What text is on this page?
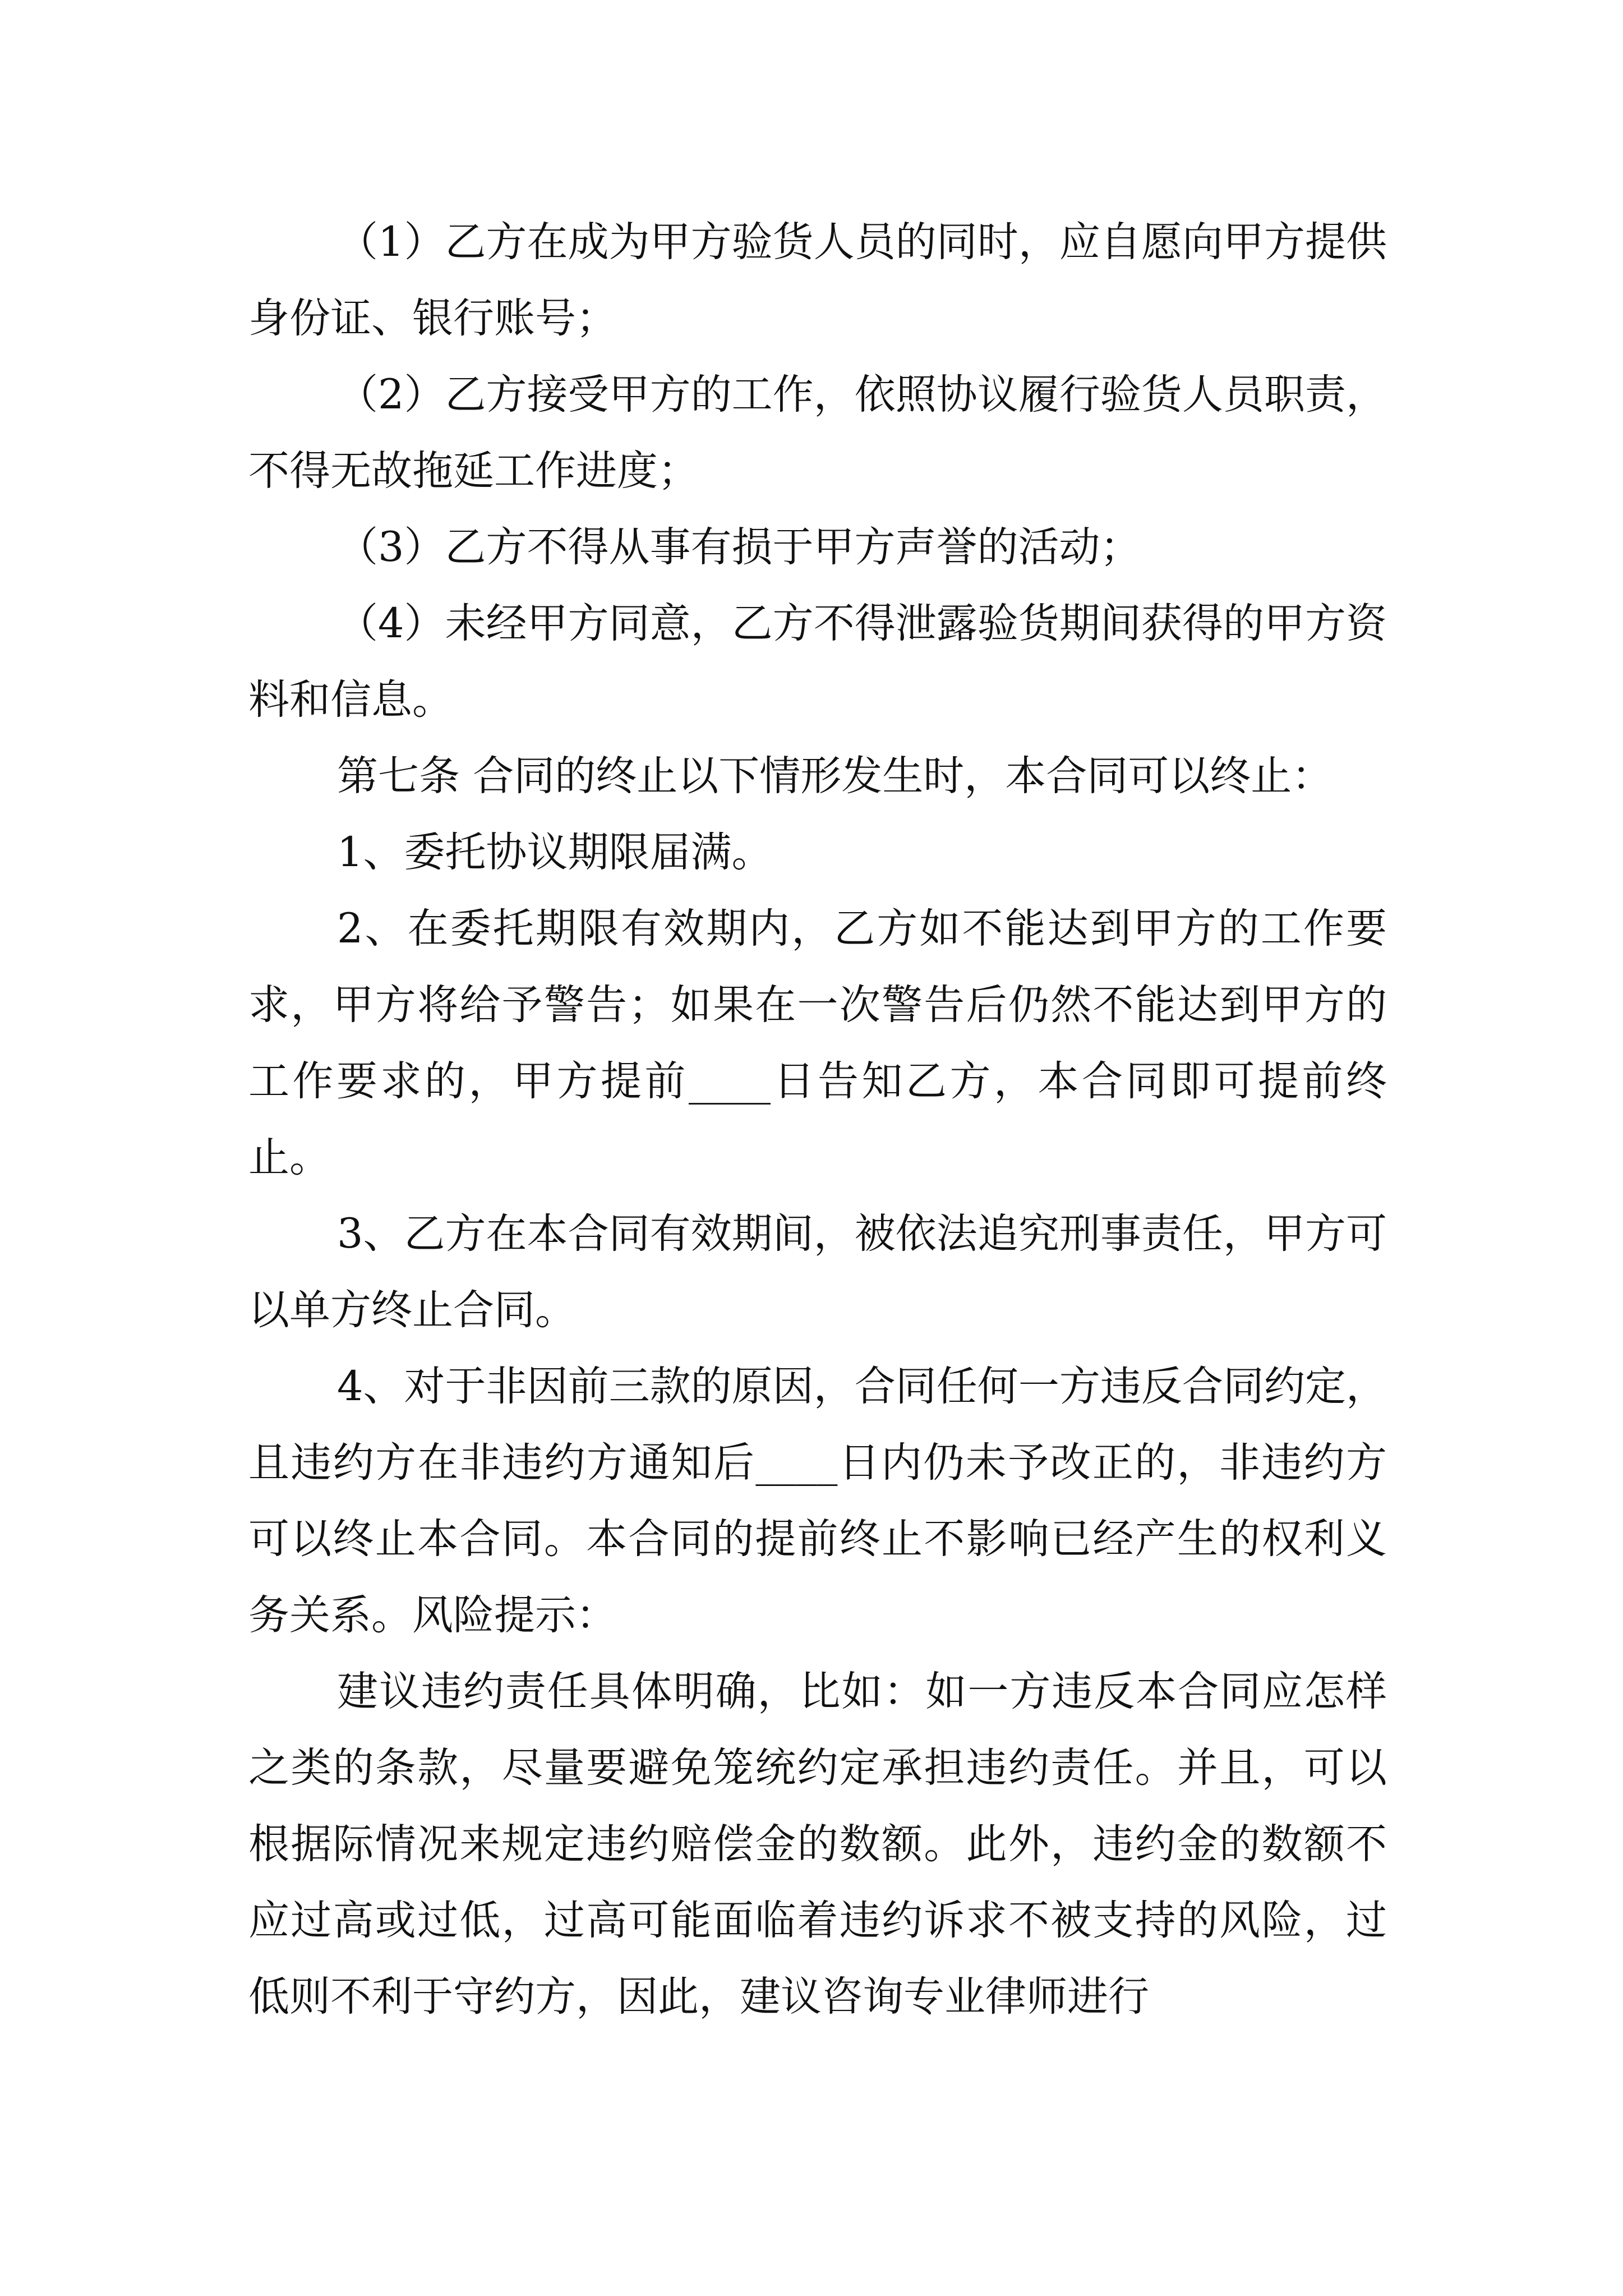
（1）乙方在成为甲方验货人员的同时，应自愿向甲方提供身份证、银行账号；

（2）乙方接受甲方的工作，依照协议履行验货人员职责，不得无故拖延工作进度；

（3）乙方不得从事有损于甲方声誉的活动；

（4）未经甲方同意，乙方不得泄露验货期间获得的甲方资料和信息。

第七条 合同的终止以下情形发生时，本合同可以终止：

1、委托协议期限届满。

2、在委托期限有效期内，乙方如不能达到甲方的工作要求，甲方将给予警告；如果在一次警告后仍然不能达到甲方的工作要求的，甲方提前____日告知乙方，本合同即可提前终止。

3、乙方在本合同有效期间，被依法追究刑事责任，甲方可以单方终止合同。

4、对于非因前三款的原因，合同任何一方违反合同约定，且违约方在非违约方通知后____日内仍未予改正的，非违约方可以终止本合同。本合同的提前终止不影响已经产生的权利义务关系。风险提示：

建议违约责任具体明确，比如：如一方违反本合同应怎样之类的条款，尽量要避免笼统约定承担违约责任。并且，可以根据际情况来规定违约赔偿金的数额。此外，违约金的数额不应过高或过低，过高可能面临着违约诉求不被支持的风险，过低则不利于守约方，因此，建议咨询专业律师进行
